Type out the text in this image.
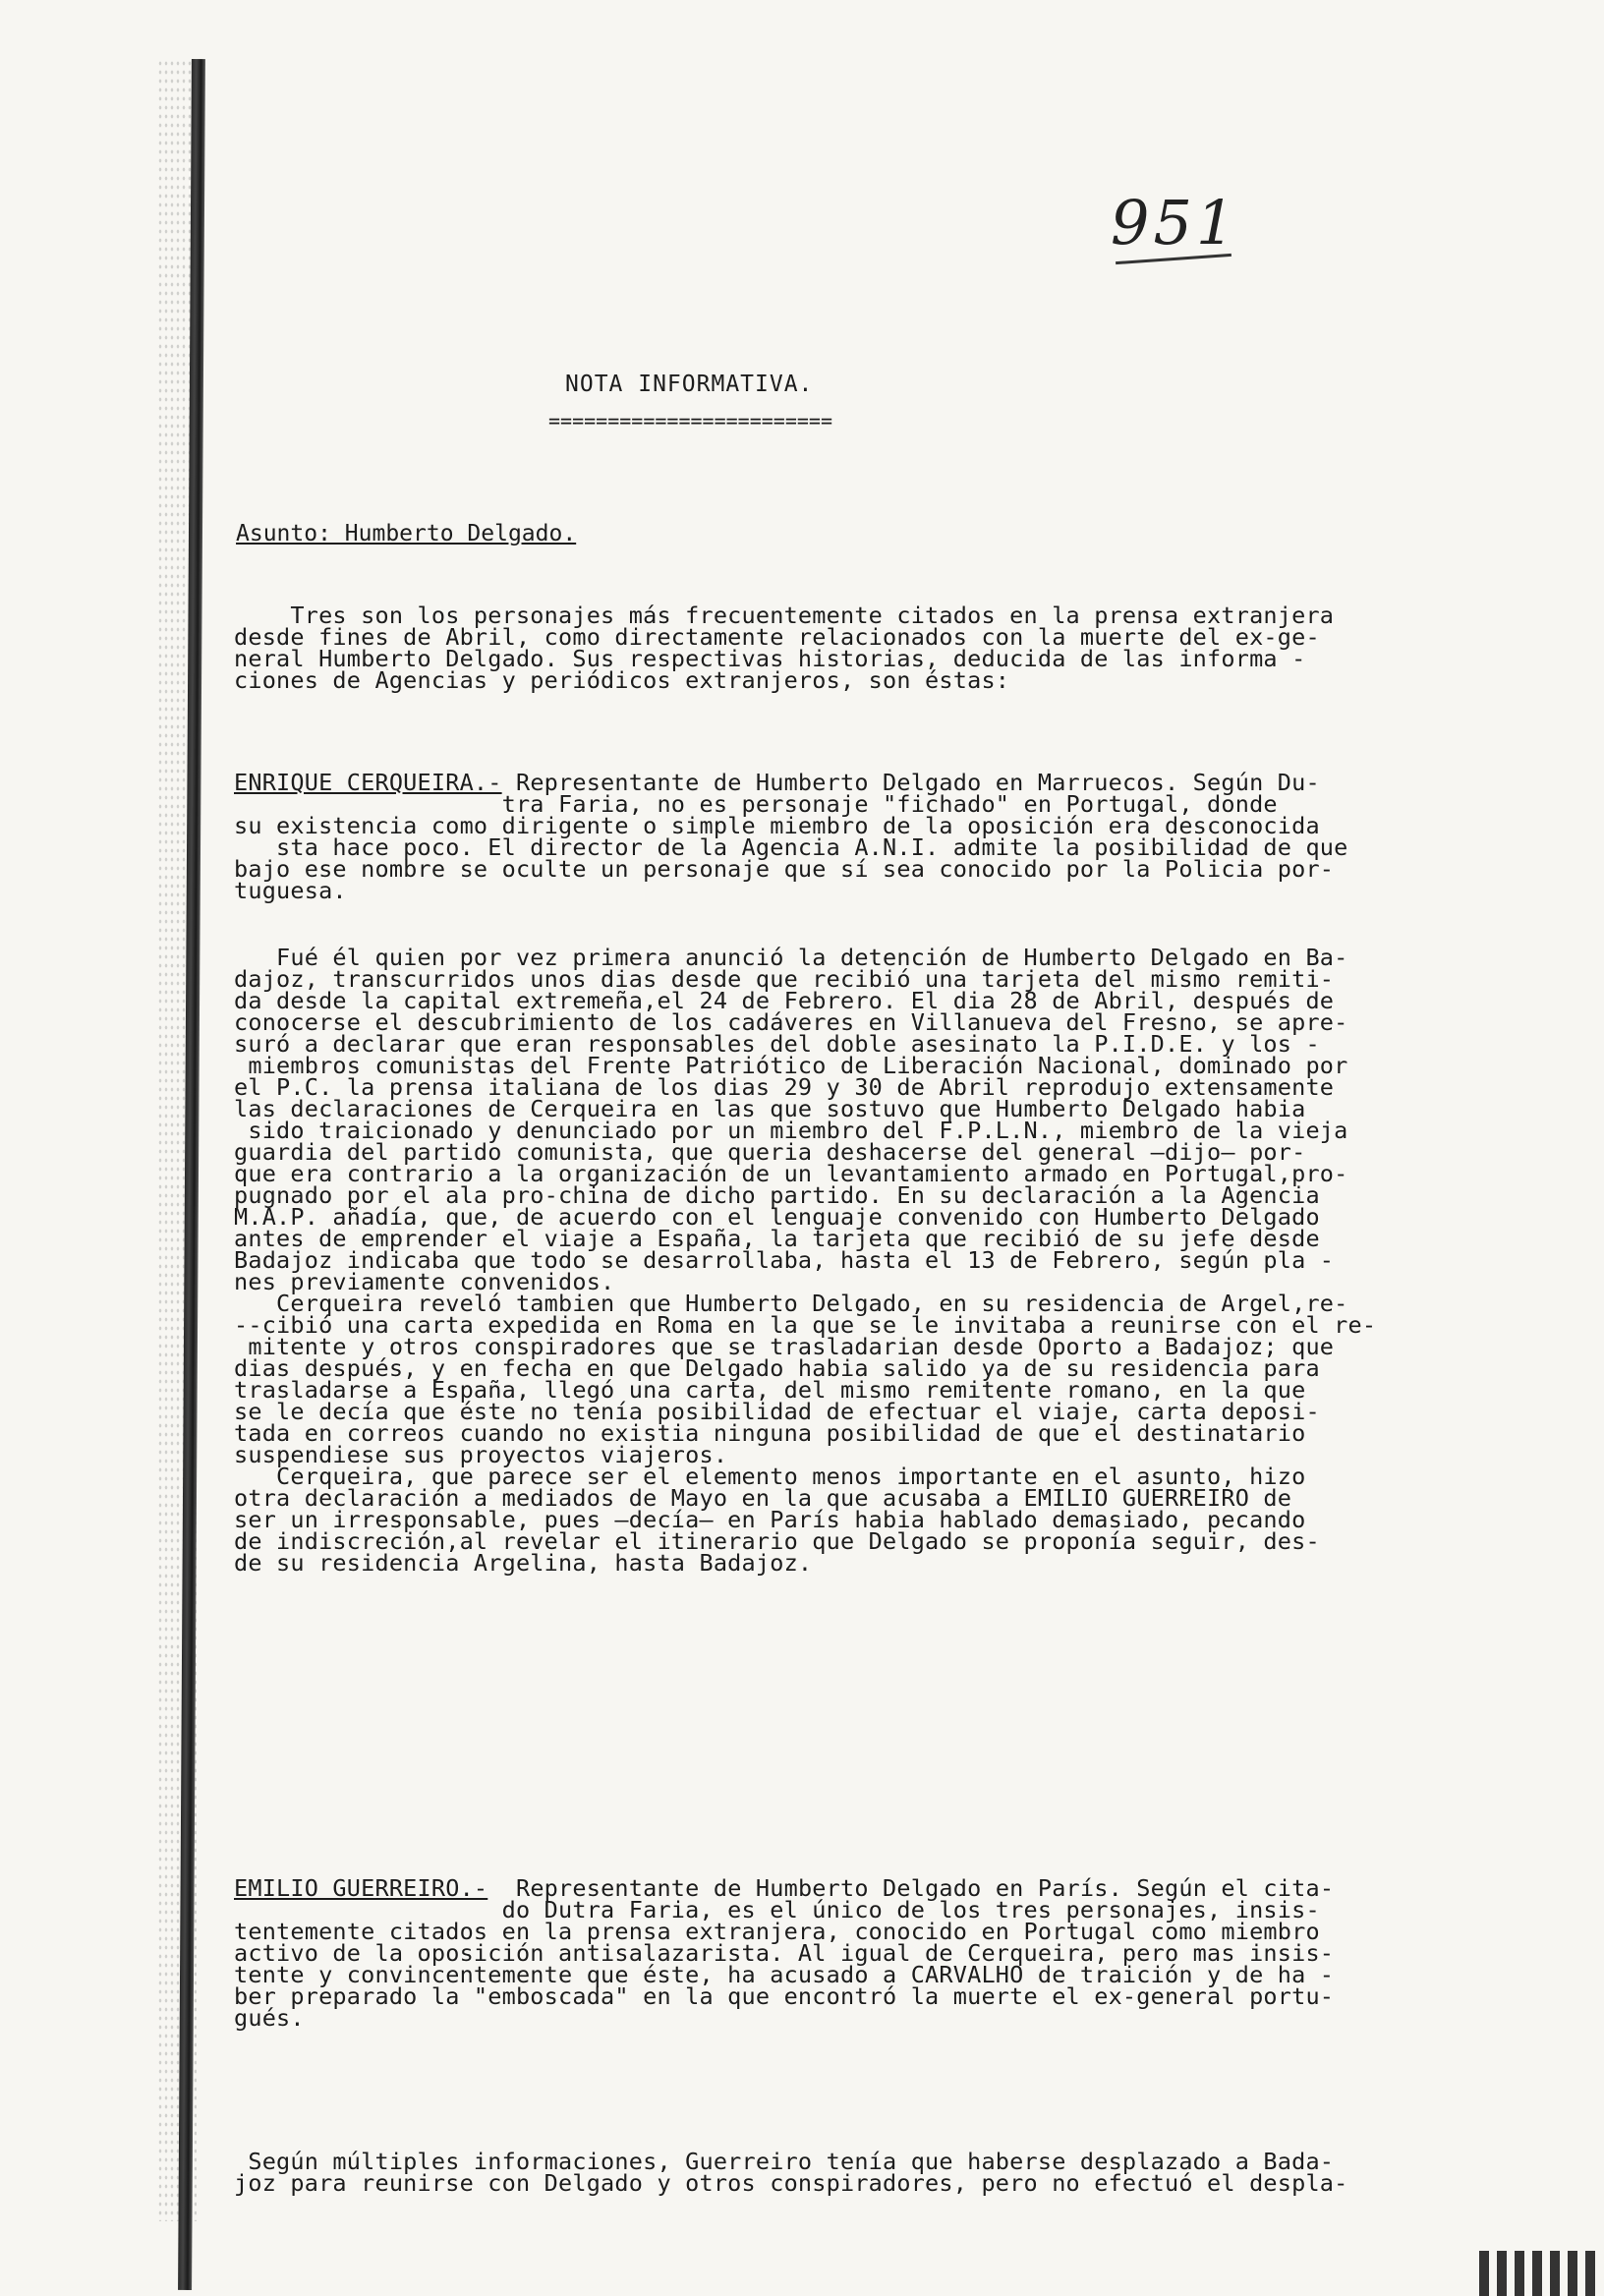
951
NOTA INFORMATIVA.
========================
Asunto: Humberto Delgado.
Tres son los personajes más frecuentemente citados en la prensa extranjera
desde fines de Abril, como directamente relacionados con la muerte del ex-ge-
neral Humberto Delgado. Sus respectivas historias, deducida de las informa -
ciones de Agencias y periódicos extranjeros, son éstas:
ENRIQUE CERQUEIRA.- Representante de Humberto Delgado en Marruecos. Según Du-
tra Faria, no es personaje "fichado" en Portugal, donde
su existencia como dirigente o simple miembro de la oposición era desconocida
sta hace poco. El director de la Agencia A.N.I. admite la posibilidad de que
bajo ese nombre se oculte un personaje que sí sea conocido por la Policia por-
tuguesa.
Fué él quien por vez primera anunció la detención de Humberto Delgado en Ba-
dajoz, transcurridos unos dias desde que recibió una tarjeta del mismo remiti-
da desde la capital extremeña,el 24 de Febrero. El dia 28 de Abril, después de
conocerse el descubrimiento de los cadáveres en Villanueva del Fresno, se apre-
suró a declarar que eran responsables del doble asesinato la P.I.D.E. y los -
miembros comunistas del Frente Patriótico de Liberación Nacional, dominado por
el P.C. la prensa italiana de los dias 29 y 30 de Abril reprodujo extensamente
las declaraciones de Cerqueira en las que sostuvo que Humberto Delgado habia
sido traicionado y denunciado por un miembro del F.P.L.N., miembro de la vieja
guardia del partido comunista, que queria deshacerse del general —dijo— por-
que era contrario a la organización de un levantamiento armado en Portugal,pro-
pugnado por el ala pro-china de dicho partido. En su declaración a la Agencia
M.A.P. añadía, que, de acuerdo con el lenguaje convenido con Humberto Delgado
antes de emprender el viaje a España, la tarjeta que recibió de su jefe desde
Badajoz indicaba que todo se desarrollaba, hasta el 13 de Febrero, según pla -
nes previamente convenidos.
Cerqueira reveló tambien que Humberto Delgado, en su residencia de Argel,re-
--cibió una carta expedida en Roma en la que se le invitaba a reunirse con el re-
mitente y otros conspiradores que se trasladarian desde Oporto a Badajoz; que
dias después, y en fecha en que Delgado habia salido ya de su residencia para
trasladarse a España, llegó una carta, del mismo remitente romano, en la que
se le decía que éste no tenía posibilidad de efectuar el viaje, carta deposi-
tada en correos cuando no existia ninguna posibilidad de que el destinatario
suspendiese sus proyectos viajeros.
Cerqueira, que parece ser el elemento menos importante en el asunto, hizo
otra declaración a mediados de Mayo en la que acusaba a EMILIO GUERREIRO de
ser un irresponsable, pues —decía— en París habia hablado demasiado, pecando
de indiscreción,al revelar el itinerario que Delgado se proponía seguir, des-
de su residencia Argelina, hasta Badajoz.
EMILIO GUERREIRO.-  Representante de Humberto Delgado en París. Según el cita-
do Dutra Faria, es el único de los tres personajes, insis-
tentemente citados en la prensa extranjera, conocido en Portugal como miembro
activo de la oposición antisalazarista. Al igual de Cerqueira, pero mas insis-
tente y convincentemente que éste, ha acusado a CARVALHO de traición y de ha -
ber preparado la "emboscada" en la que encontró la muerte el ex-general portu-
gués.
Según múltiples informaciones, Guerreiro tenía que haberse desplazado a Bada-
joz para reunirse con Delgado y otros conspiradores, pero no efectuó el despla-
